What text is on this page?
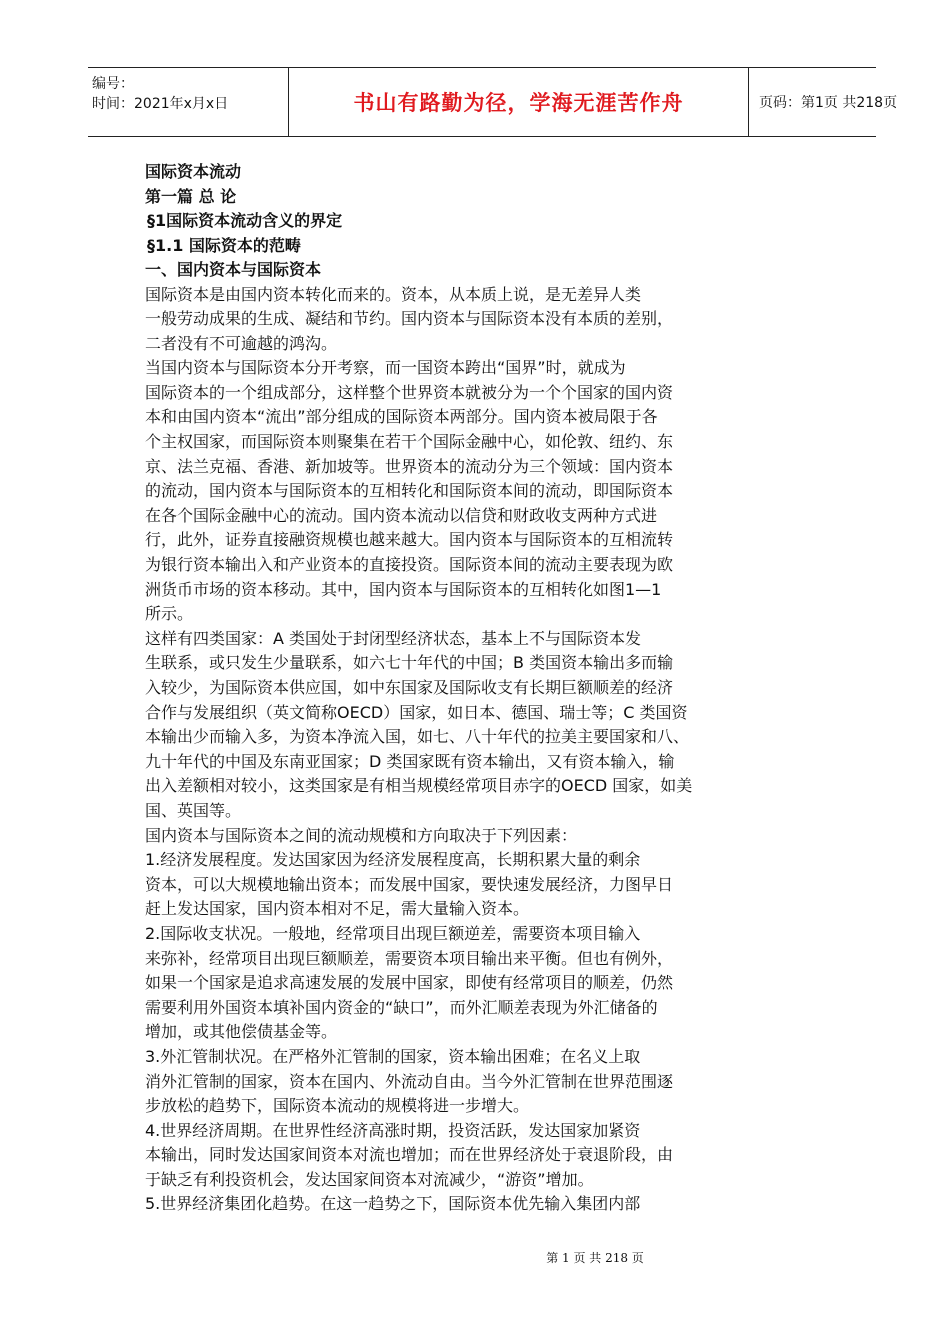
编号：
时间：2021年x月x日	书山有路勤为径，学海无涯苦作舟	页码：第1页 共218页
国际资本流动
第一篇 总 论
§1国际资本流动含义的界定
§1.1 国际资本的范畴
一、国内资本与国际资本

国际资本是由国内资本转化而来的。资本，从本质上说，是无差异人类
一般劳动成果的生成、凝结和节约。国内资本与国际资本没有本质的差别，
二者没有不可逾越的鸿沟。

当国内资本与国际资本分开考察，而一国资本跨出“国界”时，就成为
国际资本的一个组成部分，这样整个世界资本就被分为一个个国家的国内资
本和由国内资本“流出”部分组成的国际资本两部分。国内资本被局限于各
个主权国家，而国际资本则聚集在若干个国际金融中心，如伦敦、纽约、东
京、法兰克福、香港、新加坡等。世界资本的流动分为三个领域：国内资本
的流动，国内资本与国际资本的互相转化和国际资本间的流动，即国际资本
在各个国际金融中心的流动。国内资本流动以信贷和财政收支两种方式进
行，此外，证券直接融资规模也越来越大。国内资本与国际资本的互相流转
为银行资本输出入和产业资本的直接投资。国际资本间的流动主要表现为欧
洲货币市场的资本移动。其中，国内资本与国际资本的互相转化如图1—1
所示。

这样有四类国家：A 类国处于封闭型经济状态，基本上不与国际资本发
生联系，或只发生少量联系，如六七十年代的中国；B 类国资本输出多而输
入较少，为国际资本供应国，如中东国家及国际收支有长期巨额顺差的经济
合作与发展组织（英文简称OECD）国家，如日本、德国、瑞士等；C 类国资
本输出少而输入多，为资本净流入国，如七、八十年代的拉美主要国家和八、
九十年代的中国及东南亚国家；D 类国家既有资本输出，又有资本输入，输
出入差额相对较小，这类国家是有相当规模经常项目赤字的OECD 国家，如美
国、英国等。

国内资本与国际资本之间的流动规模和方向取决于下列因素：

1.经济发展程度。发达国家因为经济发展程度高，长期积累大量的剩余
资本，可以大规模地输出资本；而发展中国家，要快速发展经济，力图早日
赶上发达国家，国内资本相对不足，需大量输入资本。

2.国际收支状况。一般地，经常项目出现巨额逆差，需要资本项目输入
来弥补，经常项目出现巨额顺差，需要资本项目输出来平衡。但也有例外，
如果一个国家是追求高速发展的发展中国家，即使有经常项目的顺差，仍然
需要利用外国资本填补国内资金的“缺口”，而外汇顺差表现为外汇储备的
增加，或其他偿债基金等。

3.外汇管制状况。在严格外汇管制的国家，资本输出困难；在名义上取
消外汇管制的国家，资本在国内、外流动自由。当今外汇管制在世界范围逐
步放松的趋势下，国际资本流动的规模将进一步增大。

4.世界经济周期。在世界性经济高涨时期，投资活跃，发达国家加紧资
本输出，同时发达国家间资本对流也增加；而在世界经济处于衰退阶段，由
于缺乏有利投资机会，发达国家间资本对流减少，“游资”增加。

5.世界经济集团化趋势。在这一趋势之下，国际资本优先输入集团内部

第 1 页 共 218 页
